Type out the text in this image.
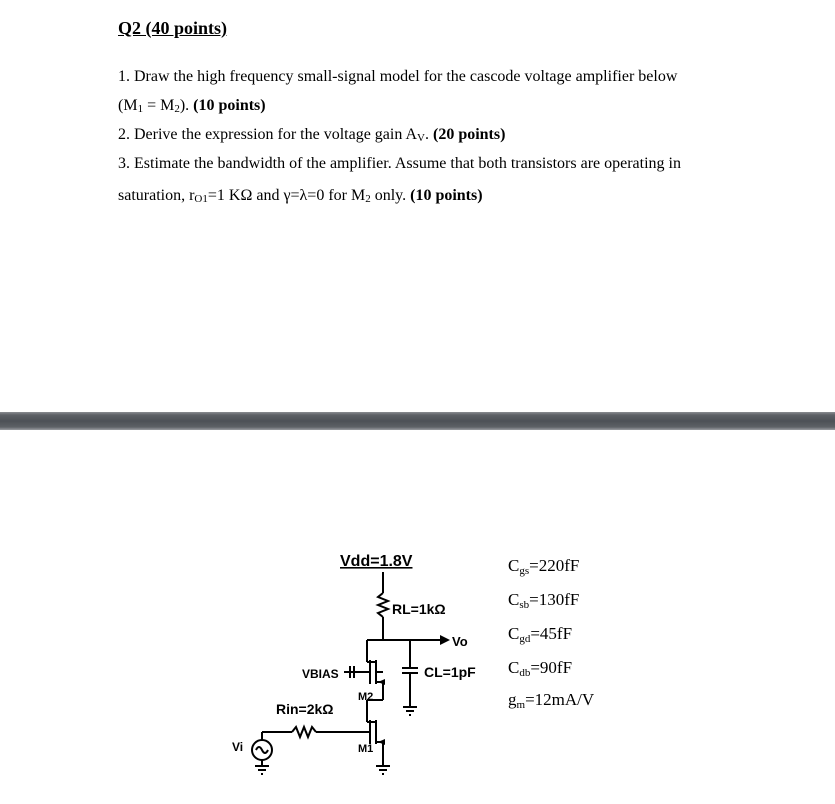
Q2 (40 points)
1. Draw the high frequency small-signal model for the cascode voltage amplifier below
(M1 = M2). (10 points)
2. Derive the expression for the voltage gain AV. (20 points)
3. Estimate the bandwidth of the amplifier. Assume that both transistors are operating in
saturation, rO1=1 KΩ and γ=λ=0 for M2 only. (10 points)
Vdd=1.8V
RL=1kΩ
Vo
CL=1pF
VBIAS
M2
Rin=2kΩ
M1
Vi
Cgs=220fF
Csb=130fF
Cgd=45fF
Cdb=90fF
gm=12mA/V
